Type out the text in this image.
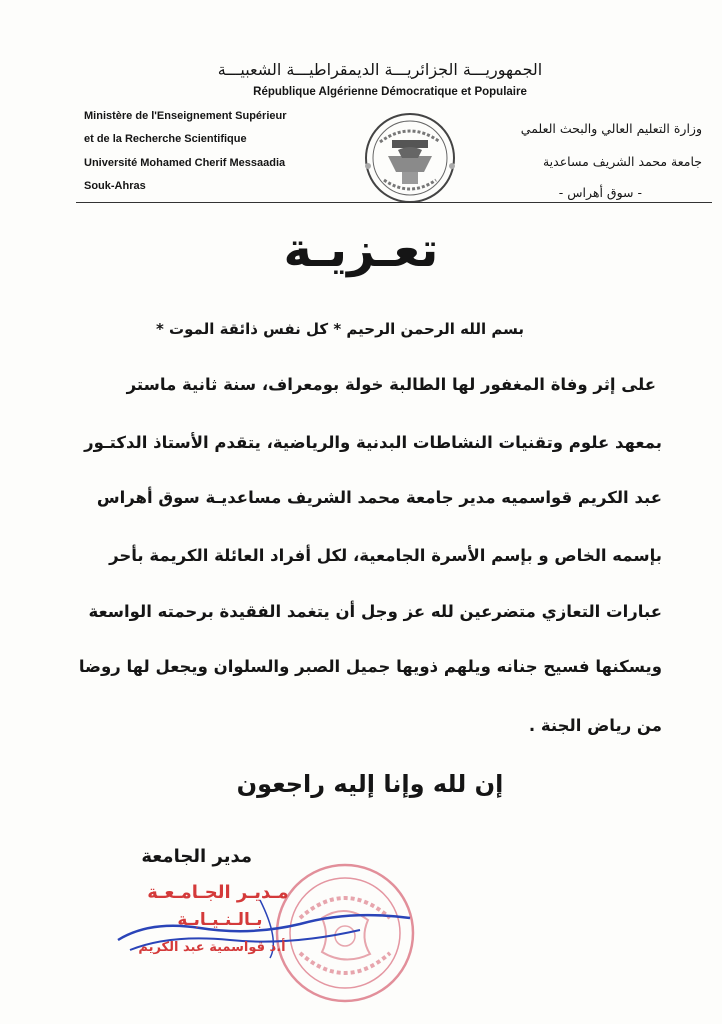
الجمهوريـــة الجزائريـــة الديمقراطيـــة الشعبيـــة
République Algérienne Démocratique et Populaire
Ministère de l'Enseignement Supérieur
et de la Recherche Scientifique
Université Mohamed Cherif Messaadia
Souk-Ahras
وزارة التعليم العالي والبحث العلمي
جامعة محمد الشريف مساعدية
- سوق أهراس -
تعـزيـة
بسم الله الرحمن الرحيم * كل نفس ذائقة الموت *
على إثر وفاة المغفور لها الطالبة خولة بومعراف، سنة ثانية ماستر
بمعهد علوم وتقنيات النشاطات البدنية والرياضية، يتقدم الأستاذ الدكتـور
عبد الكريم قواسميه مدير جامعة محمد الشريف مساعديـة سوق أهراس
بإسمه الخاص و بإسم الأسرة الجامعية، لكل أفراد العائلة الكريمة بأحر
عبارات التعازي متضرعين لله عز وجل أن يتغمد الفقيدة برحمته الواسعة
ويسكنها فسيح جنانه ويلهم ذويها جميل الصبر والسلوان ويجعل لها روضا
من رياض الجنة .
إن لله وإنا إليه راجعون
مدير الجامعة
مـديـر الجـامـعـة
بـالـنـيـابـة
أ.د قواسمية عبد الكريم
